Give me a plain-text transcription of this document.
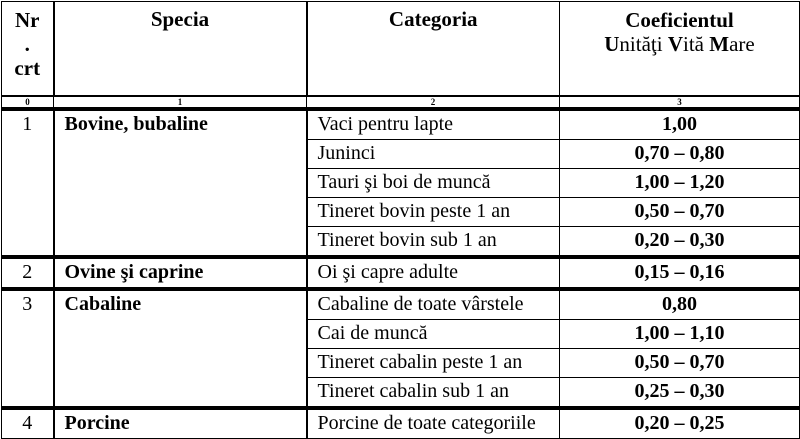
Nr
.
crt	Specia	Categoria	Coeficientul
Unităţi Vită Mare

0	1	2	3
1	Bovine, bubaline	Vaci pentru lapte	1,00
		Juninci	0,70 – 0,80
		Tauri şi boi de muncă	1,00 – 1,20
		Tineret bovin peste 1 an	0,50 – 0,70
		Tineret bovin sub 1 an	0,20 – 0,30
2	Ovine şi caprine	Oi şi capre adulte	0,15 – 0,16
3	Cabaline	Cabaline de toate vârstele	0,80
		Cai de muncă	1,00 – 1,10
		Tineret cabalin peste 1 an	0,50 – 0,70
		Tineret cabalin sub 1 an	0,25 – 0,30
4	Porcine	Porcine de toate categoriile	0,20 – 0,25
